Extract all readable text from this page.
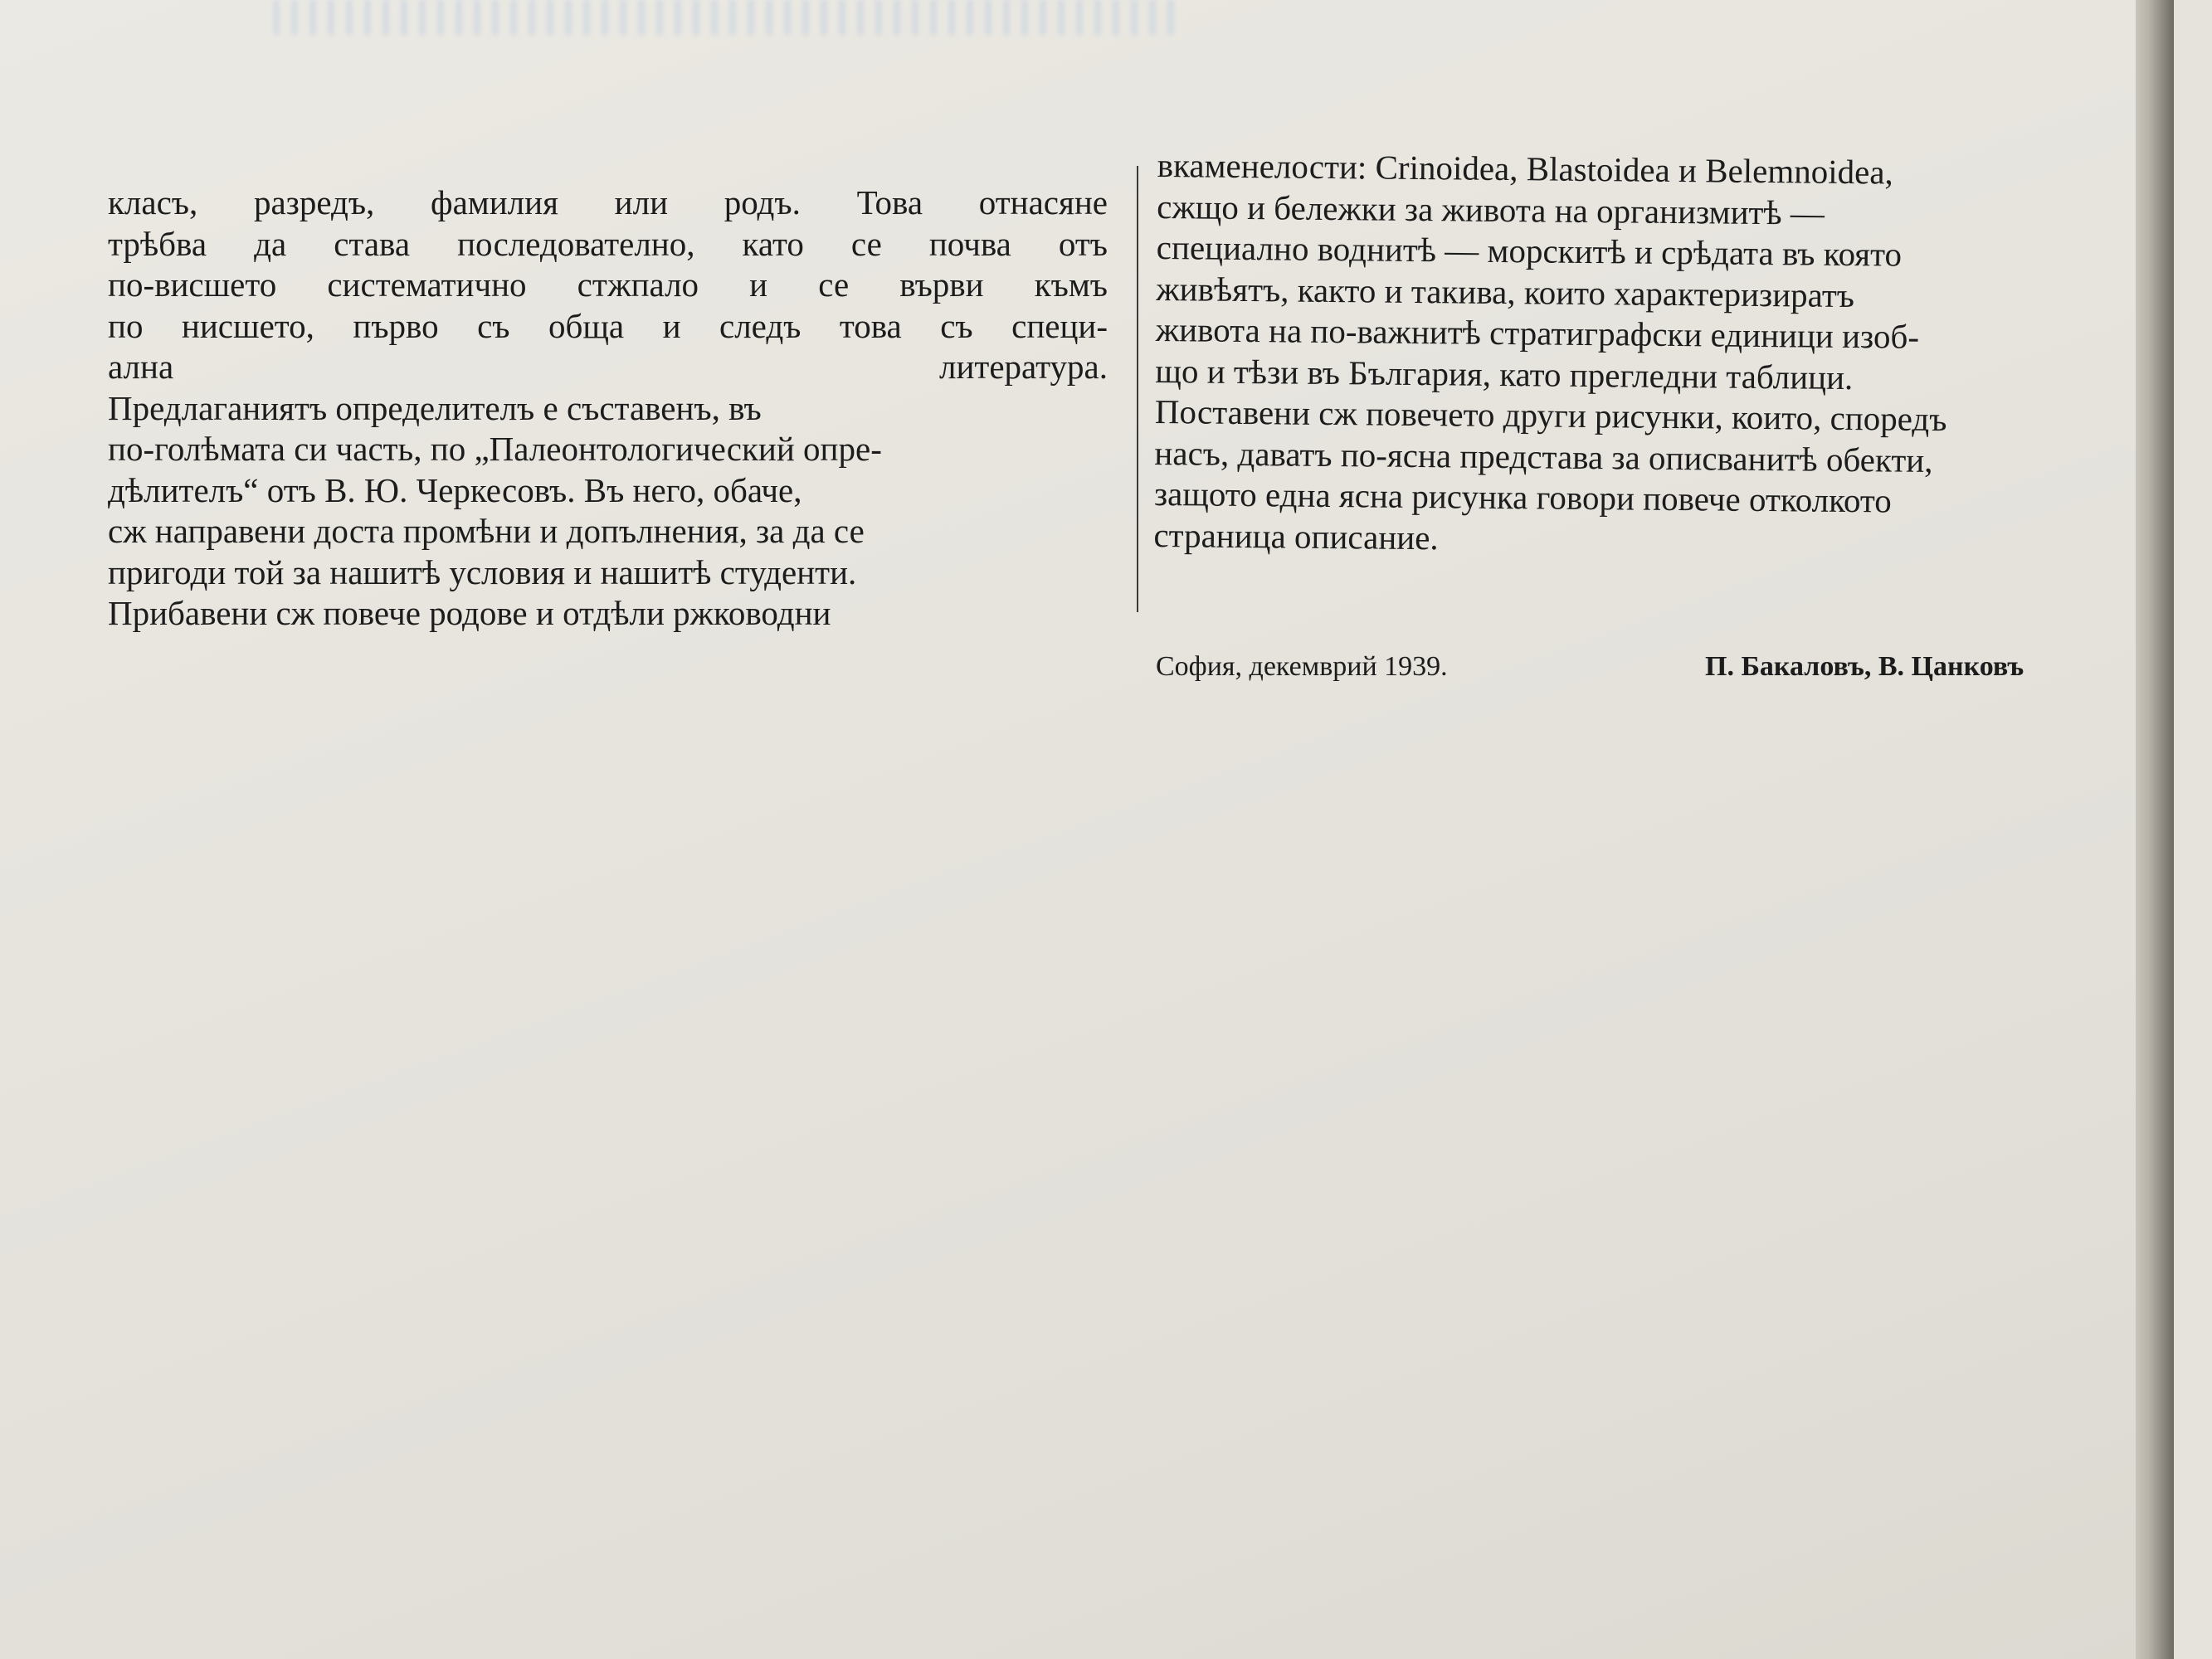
класъ, разредъ, фамилия или родъ. Това отнасяне
трѣбва да става последователно, като се почва отъ
по-висшето систематично стжпало и се върви къмъ
по нисшето, първо съ обща и следъ това съ специ-
ална литература.

Предлаганиятъ определителъ е съставенъ, въ
по-голѣмата си часть, по „Палеонтологический опре-
дѣлителъ“ отъ В. Ю. Черкесовъ. Въ него, обаче,
сж направени доста промѣни и допълнения, за да се
пригоди той за нашитѣ условия и нашитѣ студенти.
Прибавени сж повече родове и отдѣли ржководни

вкаменелости: Crinoidea, Blastoidea и Belemnoidea,
сжщо и бележки за живота на организмитѣ —
специално воднитѣ — морскитѣ и срѣдата въ която
живѣятъ, както и такива, които характеризиратъ
живота на по-важнитѣ стратиграфски единици изоб-
що и тѣзи въ България, като прегледни таблици.
Поставени сж повечето други рисунки, които, споредъ
насъ, даватъ по-ясна представа за описванитѣ обекти,
защото една ясна рисунка говори повече отколкото
страница описание.

София, декемврий 1939.	П. Бакаловъ, В. Цанковъ
